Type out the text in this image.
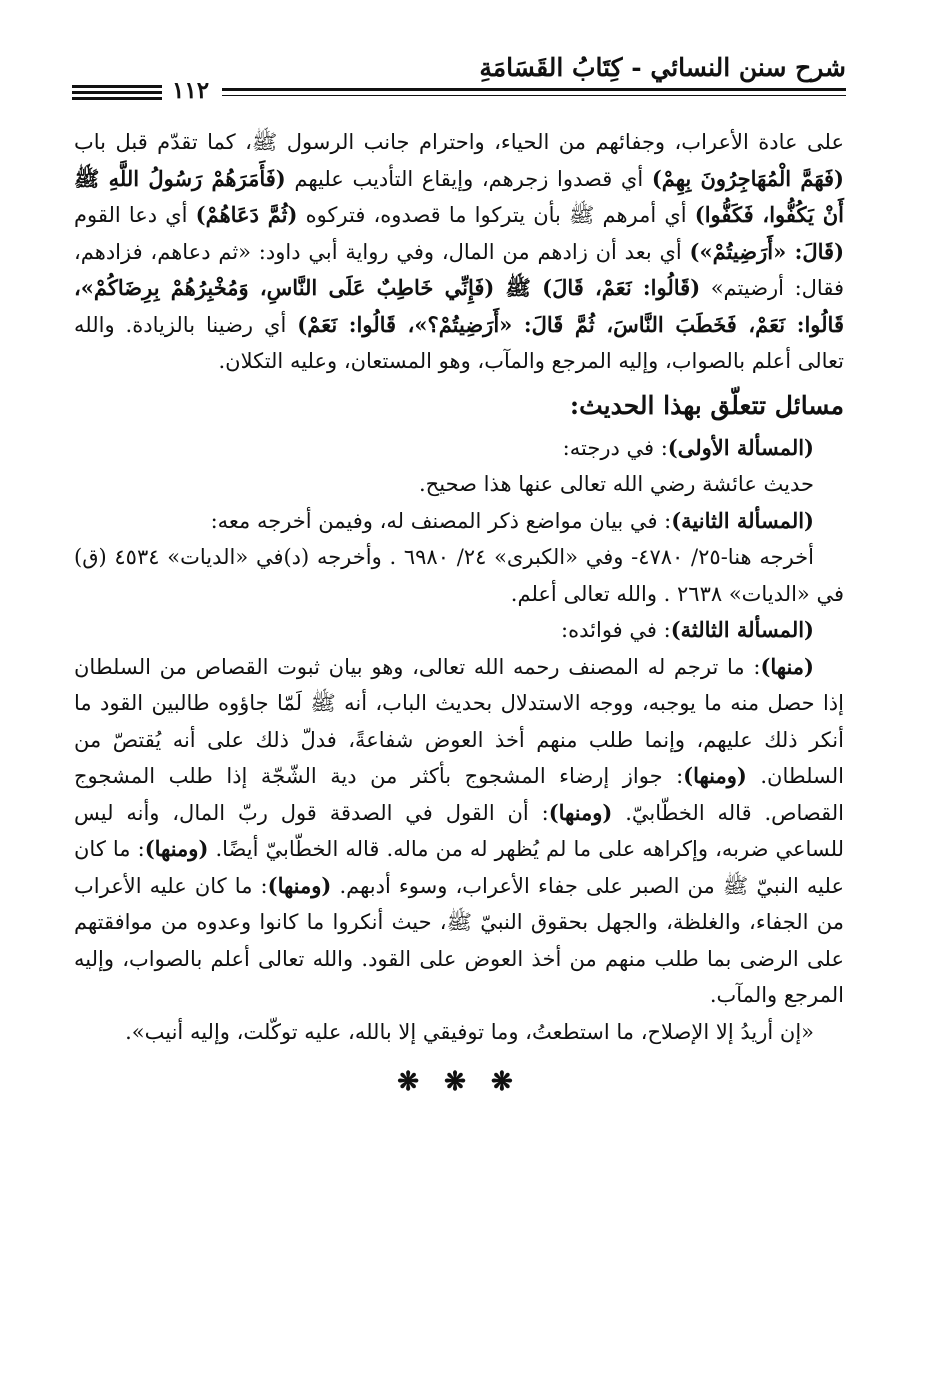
شرح سنن النسائي - كِتَابُ القَسَامَةِ
١١٢

على عادة الأعراب، وجفائهم من الحياء، واحترام جانب الرسول ﷺ، كما تقدّم قبل باب (فَهَمَّ الْمُهَاجِرُونَ بِهِمْ) أي قصدوا زجرهم، وإيقاع التأديب عليهم (فَأَمَرَهُمْ رَسُولُ اللَّهِ ﷺ أَنْ يَكُفُّوا، فَكَفُّوا) أي أمرهم ﷺ بأن يتركوا ما قصدوه، فتركوه (ثُمَّ دَعَاهُمْ) أي دعا القوم (قَالَ: «أَرَضِيتُمْ») أي بعد أن زادهم من المال، وفي رواية أبي داود: «ثم دعاهم، فزادهم، فقال: أرضيتم» (قَالُوا: نَعَمْ، قَالَ) ﷺ (فَإِنِّي خَاطِبٌ عَلَى النَّاسِ، وَمُخْبِرُهُمْ بِرِضَاكُمْ»، قَالُوا: نَعَمْ، فَخَطَبَ النَّاسَ، ثُمَّ قَالَ: «أَرَضِيتُمْ؟»، قَالُوا: نَعَمْ) أي رضينا بالزيادة. والله تعالى أعلم بالصواب، وإليه المرجع والمآب، وهو المستعان، وعليه التكلان.

مسائل تتعلّق بهذا الحديث:

(المسألة الأولى): في درجته:

حديث عائشة رضي الله تعالى عنها هذا صحيح.

(المسألة الثانية): في بيان مواضع ذكر المصنف له، وفيمن أخرجه معه:

أخرجه هنا-٢٥/ ٤٧٨٠- وفي «الكبرى» ٢٤/ ٦٩٨٠ . وأخرجه (د)في «الديات» ٤٥٣٤ (ق) في «الديات» ٢٦٣٨ . والله تعالى أعلم.

(المسألة الثالثة): في فوائده:

(منها): ما ترجم له المصنف رحمه الله تعالى، وهو بيان ثبوت القصاص من السلطان إذا حصل منه ما يوجبه، ووجه الاستدلال بحديث الباب، أنه ﷺ لَمّا جاؤوه طالبين القود ما أنكر ذلك عليهم، وإنما طلب منهم أخذ العوض شفاعةً، فدلّ ذلك على أنه يُقتصّ من السلطان. (ومنها): جواز إرضاء المشجوج بأكثر من دية الشّجّة إذا طلب المشجوج القصاص. قاله الخطّابيّ. (ومنها): أن القول في الصدقة قول ربّ المال، وأنه ليس للساعي ضربه، وإكراهه على ما لم يُظهر له من ماله. قاله الخطّابيّ أيضًا. (ومنها): ما كان عليه النبيّ ﷺ من الصبر على جفاء الأعراب، وسوء أدبهم. (ومنها): ما كان عليه الأعراب من الجفاء، والغلظة، والجهل بحقوق النبيّ ﷺ، حيث أنكروا ما كانوا وعدوه من موافقتهم على الرضى بما طلب منهم من أخذ العوض على القود. والله تعالى أعلم بالصواب، وإليه المرجع والمآب.

«إن أريدُ إلا الإصلاح، ما استطعتُ، وما توفيقي إلا بالله، عليه توكّلت، وإليه أنيب».

❋ ❋ ❋
